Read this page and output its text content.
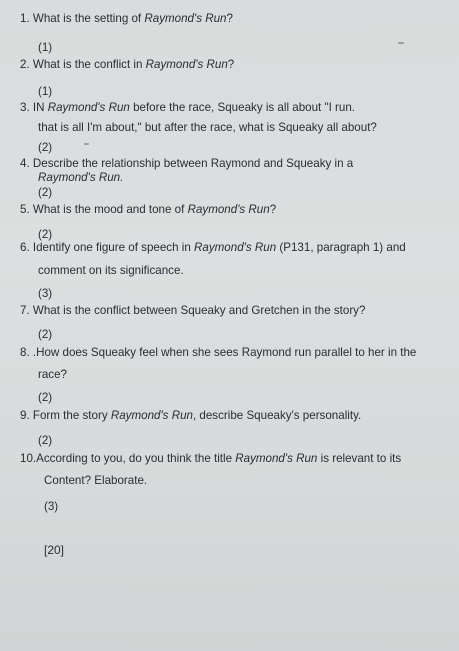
1. What is the setting of Raymond's Run?
(1)
2. What is the conflict in Raymond's Run?
(1)
3. IN Raymond's Run before the race, Squeaky is all about "I run.
that is all I'm about," but after the race, what is Squeaky all about?
(2)
4. Describe the relationship between Raymond and Squeaky in a
Raymond's Run.
(2)
5. What is the mood and tone of Raymond's Run?
(2)
6. Identify one figure of speech in Raymond's Run (P131, paragraph 1) and
comment on its significance.
(3)
7. What is the conflict between Squeaky and Gretchen in the story?
(2)
8. .How does Squeaky feel when she sees Raymond run parallel to her in the
race?
(2)
9. Form the story Raymond's Run, describe Squeaky's personality.
(2)
10.According to you, do you think the title Raymond's Run is relevant to its
Content? Elaborate.
(3)
[20]
